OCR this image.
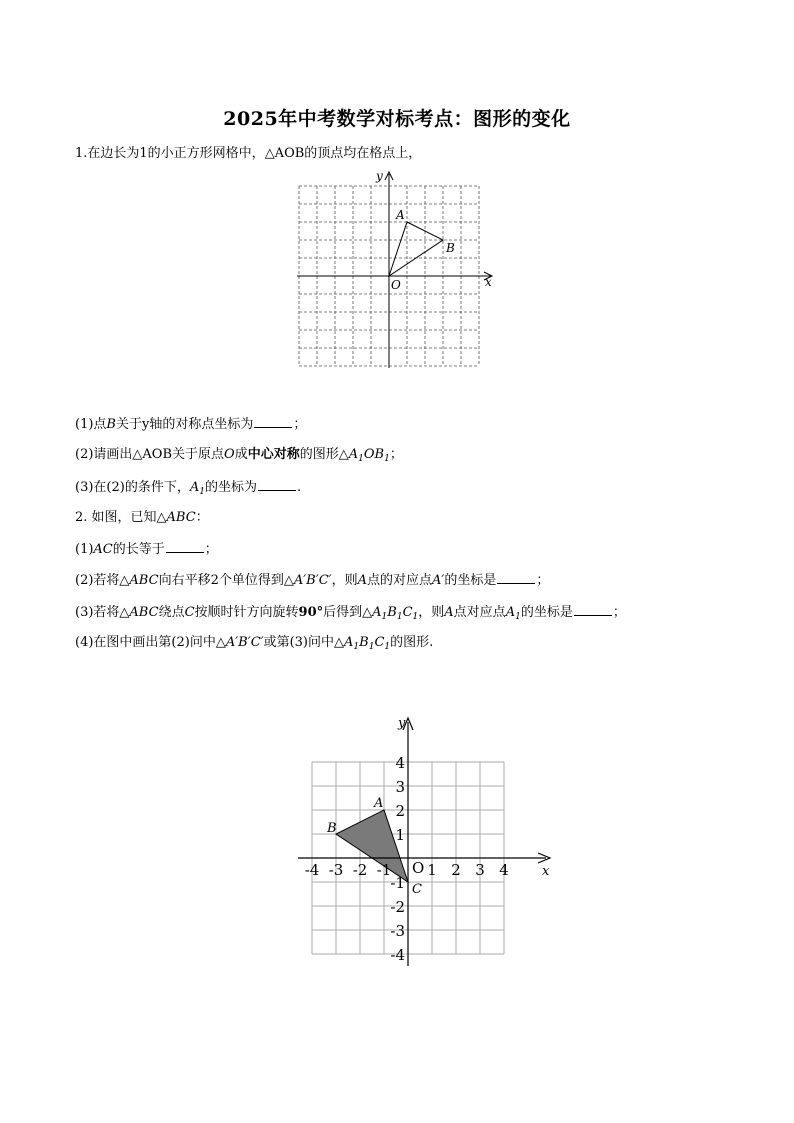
2025年中考数学对标考点：图形的变化
1.在边长为1的小正方形网格中，△AOB的顶点均在格点上，
y
x
A
B
O
(1)点B关于y轴的对称点坐标为	；
(2)请画出△AOB关于原点O成中心对称的图形$\triangle A_1OB_1$；
(3)在(2)的条件下，$A_1$的坐标为	.
2. 如图，已知△ABC：
(1)AC的长等于	；
(2)若将△ABC向右平移2个单位得到△A′B′C′，则A点的对应点A′的坐标是	；
(3)若将△ABC绕点C按顺时针方向旋转90°后得到$\triangle A_1B_1C_1$，则A点对应点$A_1$的坐标是	；
(4)在图中画出第(2)问中△A′B′C′或第(3)问中$\triangle A_1B_1C_1$的图形.
y
x
O
A
B
C
-4 -3 -2 -1 1 2 3 4
4
3
2
1
-1
-2
-3
-4
